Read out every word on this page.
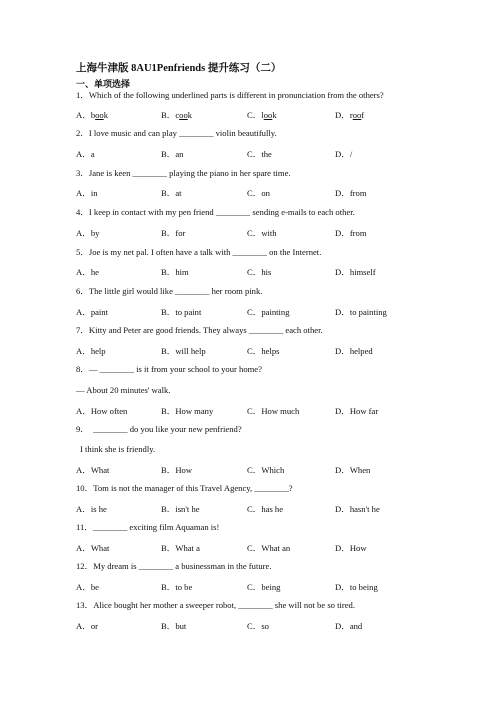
上海牛津版 8AU1Penfriends 提升练习（二）
一、单项选择
1．Which of the following underlined parts is different in pronunciation from the others?
A．book	B．cook	C．look	D．roof
2．I love music and can play ________ violin beautifully.
A．a	B．an	C．the	D．/
3．Jane is keen ________ playing the piano in her spare time.
A．in	B．at	C．on	D．from
4．I keep in contact with my pen friend ________ sending e-mails to each other.
A．by	B．for	C．with	D．from
5．Joe is my net pal. I often have a talk with ________ on the Internet.
A．he	B．him	C．his	D．himself
6．The little girl would like ________ her room pink.
A．paint	B．to paint	C．painting	D．to painting
7．Kitty and Peter are good friends. They always ________ each other.
A．help	B．will help	C．helps	D．helped
8．— ________ is it from your school to your home?
— About 20 minutes' walk.
A．How often	B．How many	C．How much	D．How far
9．　________ do you like your new penfriend?
I think she is friendly.
A．What	B．How	C．Which	D．When
10．Tom is not the manager of this Travel Agency, ________?
A．is he	B．isn't he	C．has he	D．hasn't he
11．________ exciting film Aquaman is!
A．What	B．What a	C．What an	D．How
12．My dream is ________ a businessman in the future.
A．be	B．to be	C．being	D．to being
13．Alice bought her mother a sweeper robot, ________ she will not be so tired.
A．or	B．but	C．so	D．and
